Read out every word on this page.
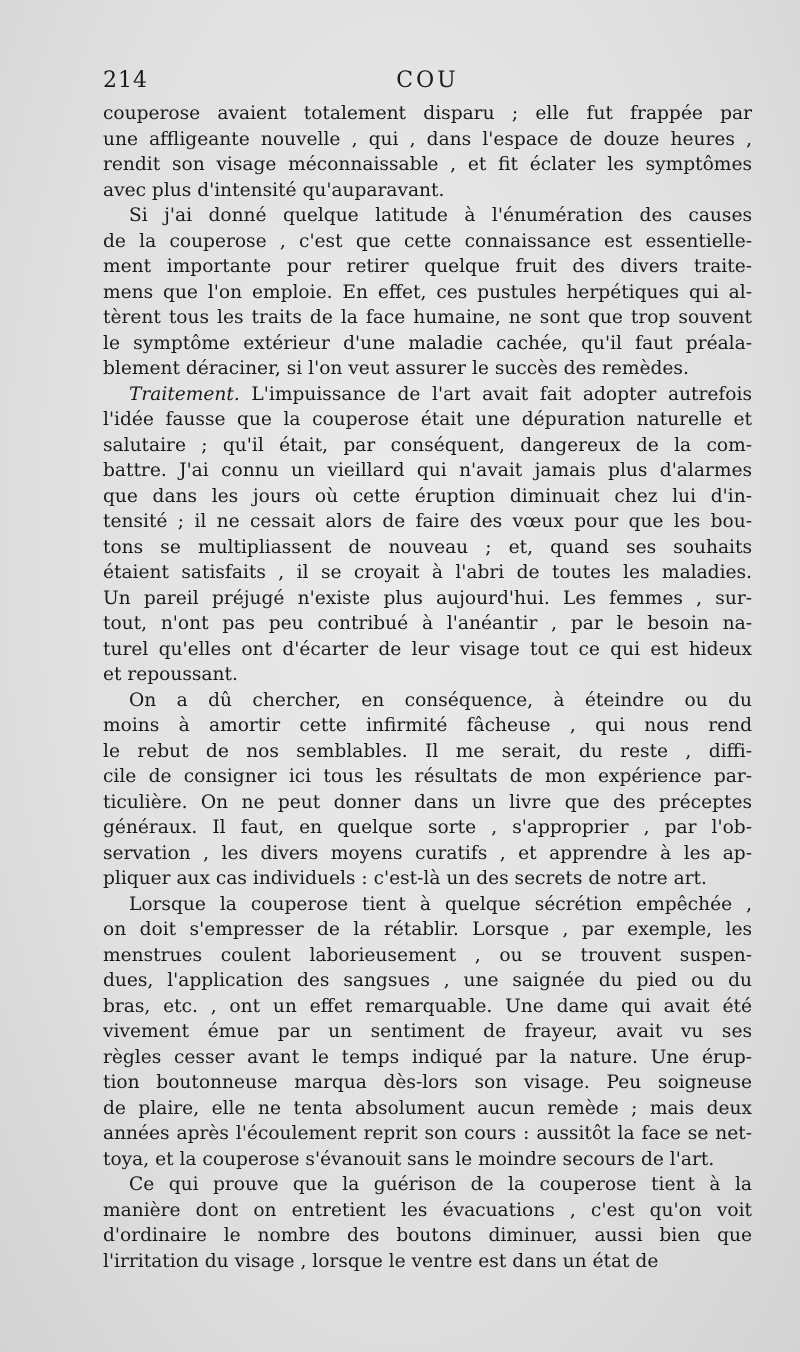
214	COU
couperose avaient totalement disparu ; elle fut frappée par
une affligeante nouvelle , qui , dans l'espace de douze heures ,
rendit son visage méconnaissable , et fit éclater les symptômes
avec plus d'intensité qu'auparavant.
Si j'ai donné quelque latitude à l'énumération des causes
de la couperose , c'est que cette connaissance est essentielle-
ment importante pour retirer quelque fruit des divers traite-
mens que l'on emploie. En effet, ces pustules herpétiques qui al-
tèrent tous les traits de la face humaine, ne sont que trop souvent
le symptôme extérieur d'une maladie cachée, qu'il faut préala-
blement déraciner, si l'on veut assurer le succès des remèdes.
Traitement. L'impuissance de l'art avait fait adopter autrefois
l'idée fausse que la couperose était une dépuration naturelle et
salutaire ; qu'il était, par conséquent, dangereux de la com-
battre. J'ai connu un vieillard qui n'avait jamais plus d'alarmes
que dans les jours où cette éruption diminuait chez lui d'in-
tensité ; il ne cessait alors de faire des vœux pour que les bou-
tons se multipliassent de nouveau ; et, quand ses souhaits
étaient satisfaits , il se croyait à l'abri de toutes les maladies.
Un pareil préjugé n'existe plus aujourd'hui. Les femmes , sur-
tout, n'ont pas peu contribué à l'anéantir , par le besoin na-
turel qu'elles ont d'écarter de leur visage tout ce qui est hideux
et repoussant.
On a dû chercher, en conséquence, à éteindre ou du
moins à amortir cette infirmité fâcheuse , qui nous rend
le rebut de nos semblables. Il me serait, du reste , diffi-
cile de consigner ici tous les résultats de mon expérience par-
ticulière. On ne peut donner dans un livre que des préceptes
généraux. Il faut, en quelque sorte , s'approprier , par l'ob-
servation , les divers moyens curatifs , et apprendre à les ap-
pliquer aux cas individuels : c'est-là un des secrets de notre art.
Lorsque la couperose tient à quelque sécrétion empêchée ,
on doit s'empresser de la rétablir. Lorsque , par exemple, les
menstrues coulent laborieusement , ou se trouvent suspen-
dues, l'application des sangsues , une saignée du pied ou du
bras, etc. , ont un effet remarquable. Une dame qui avait été
vivement émue par un sentiment de frayeur, avait vu ses
règles cesser avant le temps indiqué par la nature. Une érup-
tion boutonneuse marqua dès-lors son visage. Peu soigneuse
de plaire, elle ne tenta absolument aucun remède ; mais deux
années après l'écoulement reprit son cours : aussitôt la face se net-
toya, et la couperose s'évanouit sans le moindre secours de l'art.
Ce qui prouve que la guérison de la couperose tient à la
manière dont on entretient les évacuations , c'est qu'on voit
d'ordinaire le nombre des boutons diminuer, aussi bien que
l'irritation du visage , lorsque le ventre est dans un état de
